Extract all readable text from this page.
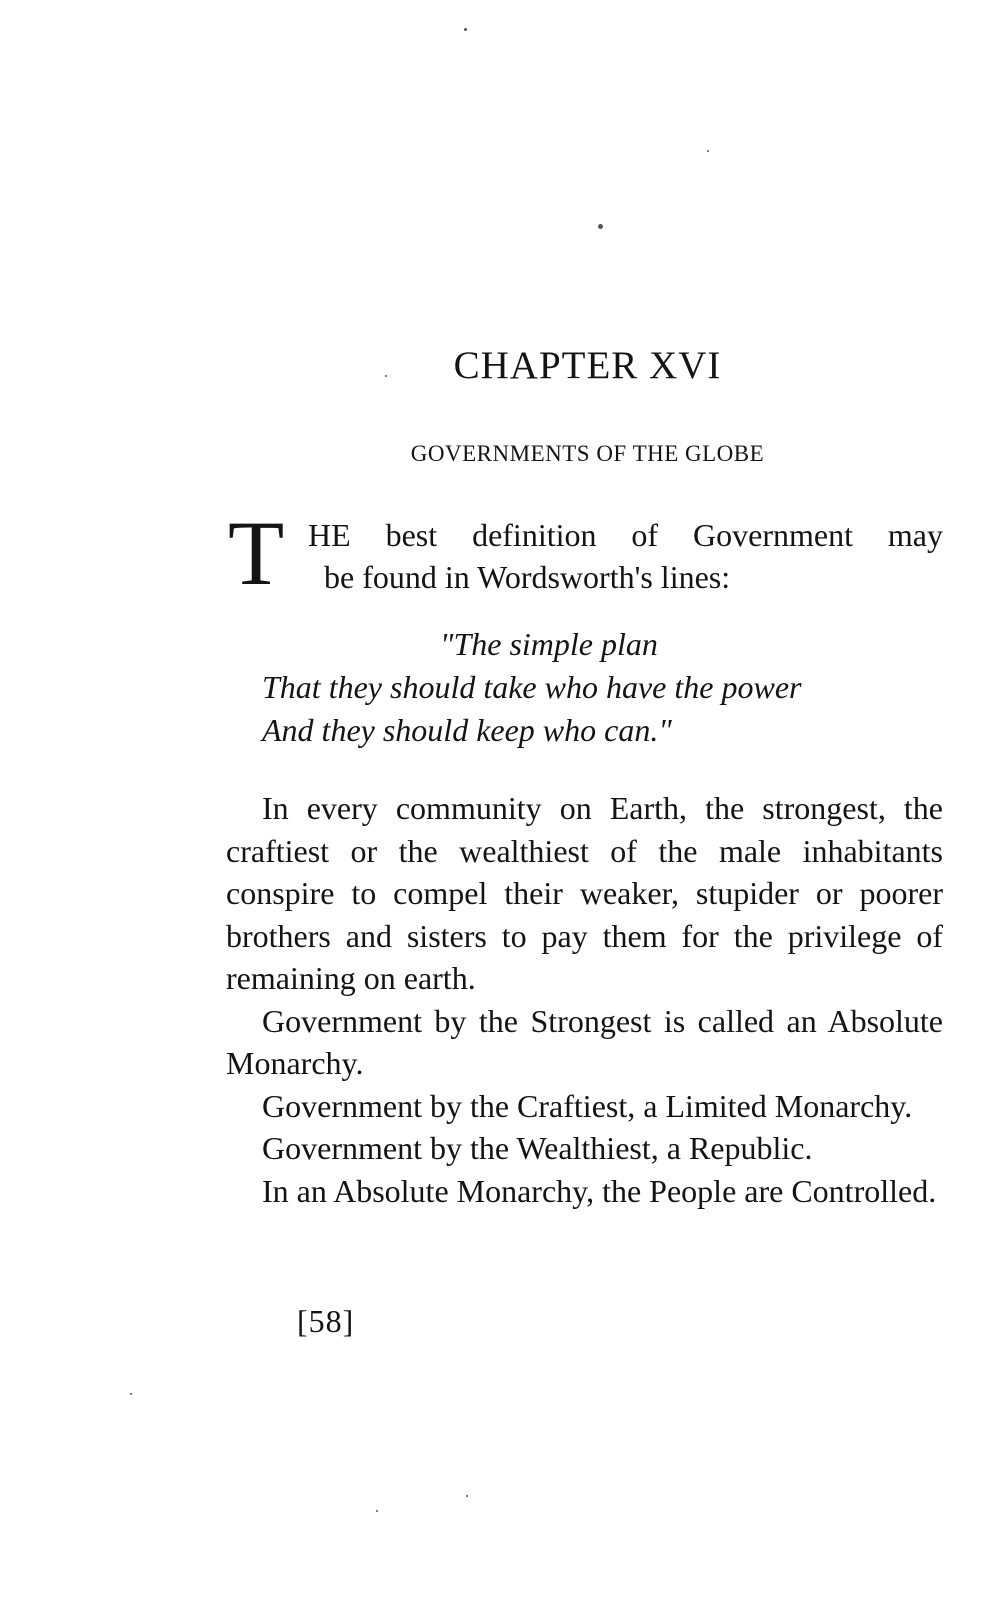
CHAPTER XVI
GOVERNMENTS OF THE GLOBE
T HE best definition of Government may
be found in Wordsworth's lines:
"The simple plan
That they should take who have the power
And they should keep who can."

In every community on Earth, the strongest, the craftiest or the wealthiest of the male inhabitants conspire to compel their weaker, stupider or poorer brothers and sisters to pay them for the privilege of remaining on earth.

Government by the Strongest is called an Absolute Monarchy.

Government by the Craftiest, a Limited Monarchy.

Government by the Wealthiest, a Republic.

In an Absolute Monarchy, the People are Controlled.

[58]
